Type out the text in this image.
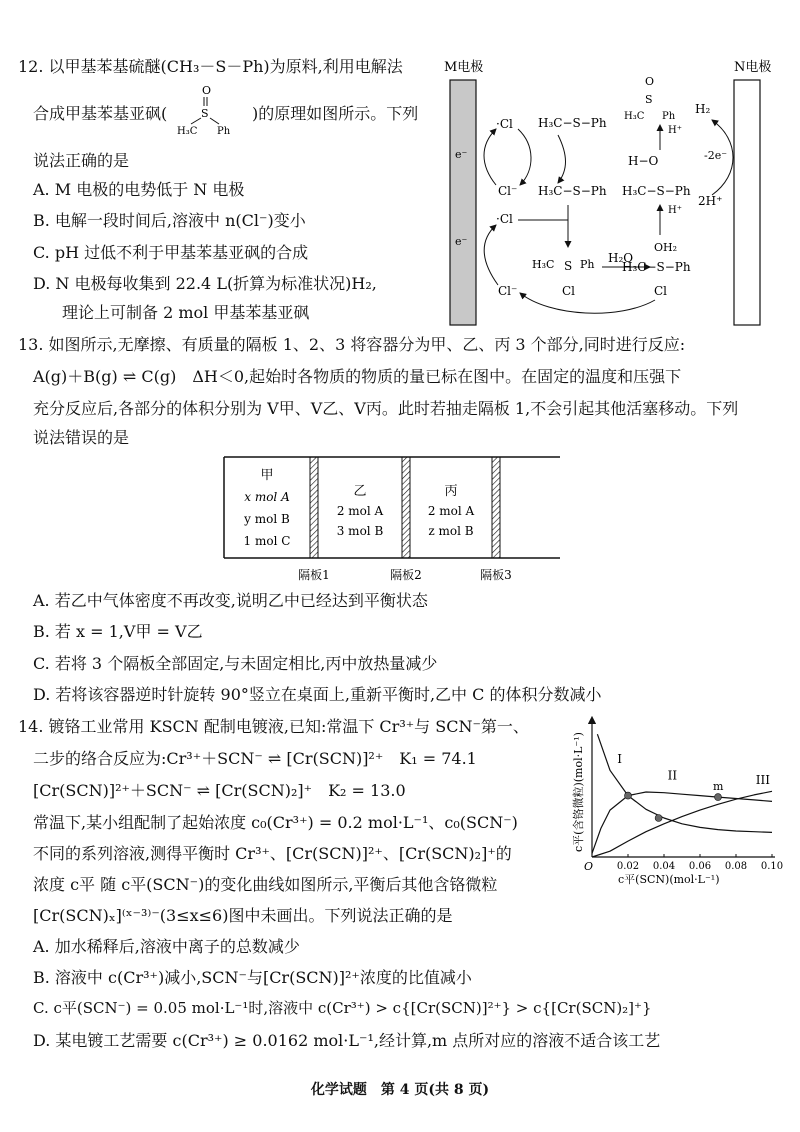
12. 以甲基苯基硫醚(CH₃－S－Ph)为原料,利用电解法
合成甲基苯基亚砜(
O
S
H₃C Ph
)的原理如图所示。下列
说法正确的是
A. M 电极的电势低于 N 电极
B. 电解一段时间后,溶液中 n(Cl⁻)变小
C. pH 过低不利于甲基苯基亚砜的合成
D. N 电极每收集到 22.4 L(折算为标准状况)H₂,
理论上可制备 2 mol 甲基苯基亚砜
M电极	N电极
e⁻
e⁻
·Cl
Cl⁻
H₃C−S−Ph
H₃C−S−Ph
·Cl
Cl⁻
S
H₃C Ph
Cl
H₂O
H₃C−S−Ph
OH₂
Cl
H⁺
H−O
H₃C−S−Ph
H⁺
O
S
H₃C Ph
H₂
2H⁺
-2e⁻
13. 如图所示,无摩擦、有质量的隔板 1、2、3 将容器分为甲、乙、丙 3 个部分,同时进行反应:
A(g)＋B(g) ⇌ C(g)　ΔH＜0,起始时各物质的物质的量已标在图中。在固定的温度和压强下
充分反应后,各部分的体积分别为 V甲、V乙、V丙。此时若抽走隔板 1,不会引起其他活塞移动。下列
说法错误的是
甲
x mol A
y mol B
1 mol C
乙
2 mol A
3 mol B
丙
2 mol A
z mol B
隔板1	隔板2	隔板3
A. 若乙中气体密度不再改变,说明乙中已经达到平衡状态
B. 若 x = 1,V甲 = V乙
C. 若将 3 个隔板全部固定,与未固定相比,丙中放热量减少
D. 若将该容器逆时针旋转 90°竖立在桌面上,重新平衡时,乙中 C 的体积分数减小
14. 镀铬工业常用 KSCN 配制电镀液,已知:常温下 Cr³⁺与 SCN⁻第一、
二步的络合反应为:Cr³⁺＋SCN⁻ ⇌ [Cr(SCN)]²⁺　K₁ = 74.1
[Cr(SCN)]²⁺＋SCN⁻ ⇌ [Cr(SCN)₂]⁺　K₂ = 13.0
常温下,某小组配制了起始浓度 c₀(Cr³⁺) = 0.2 mol·L⁻¹、c₀(SCN⁻)
不同的系列溶液,测得平衡时 Cr³⁺、[Cr(SCN)]²⁺、[Cr(SCN)₂]⁺的
浓度 c平 随 c平(SCN⁻)的变化曲线如图所示,平衡后其他含铬微粒
[Cr(SCN)ₓ]⁽ˣ⁻³⁾⁻(3≤x≤6)图中未画出。下列说法正确的是
A. 加水稀释后,溶液中离子的总数减少
B. 溶液中 c(Cr³⁺)减小,SCN⁻与[Cr(SCN)]²⁺浓度的比值减小
C. c平(SCN⁻) = 0.05 mol·L⁻¹时,溶液中 c(Cr³⁺) > c{[Cr(SCN)]²⁺} > c{[Cr(SCN)₂]⁺}
D. 某电镀工艺需要 c(Cr³⁺) ≥ 0.0162 mol·L⁻¹,经计算,m 点所对应的溶液不适合该工艺
c平(含铬微粒)(mol·L⁻¹)
O 0.02 0.04 0.06 0.08 0.10
m
I
II	III
c平(SCN)(mol·L⁻¹)
化学试题　第 4 页(共 8 页)
